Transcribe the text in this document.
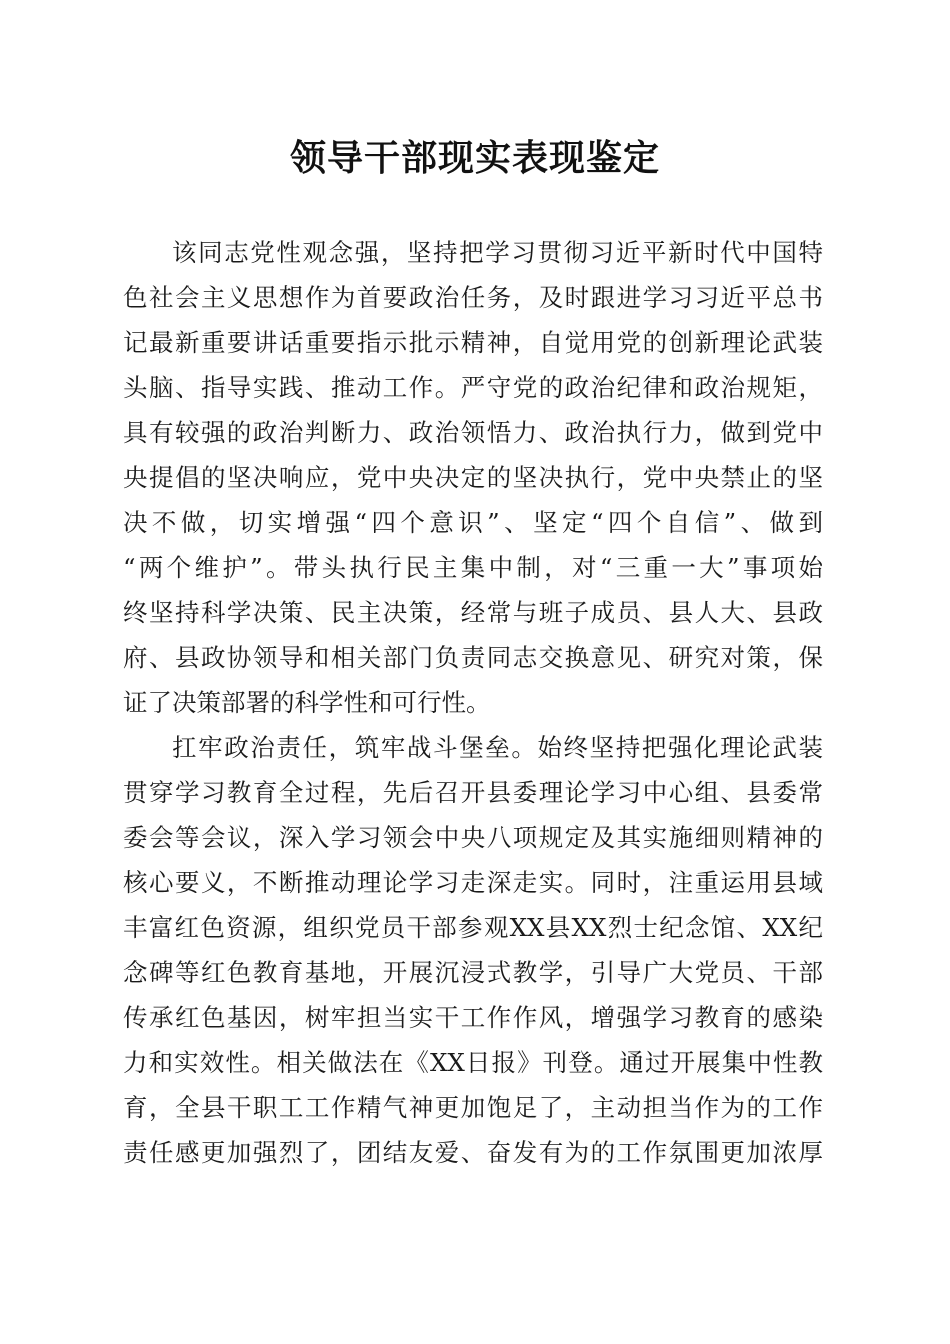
领导干部现实表现鉴定
该同志党性观念强，坚持把学习贯彻习近平新时代中国特
色社会主义思想作为首要政治任务，及时跟进学习习近平总书
记最新重要讲话重要指示批示精神，自觉用党的创新理论武装
头脑、指导实践、推动工作。严守党的政治纪律和政治规矩，
具有较强的政治判断力、政治领悟力、政治执行力，做到党中
央提倡的坚决响应，党中央决定的坚决执行，党中央禁止的坚
决不做，切实增强“四个意识”、坚定“四个自信”、做到
“两个维护”。带头执行民主集中制，对“三重一大”事项始
终坚持科学决策、民主决策，经常与班子成员、县人大、县政
府、县政协领导和相关部门负责同志交换意见、研究对策，保
证了决策部署的科学性和可行性。
扛牢政治责任，筑牢战斗堡垒。始终坚持把强化理论武装
贯穿学习教育全过程，先后召开县委理论学习中心组、县委常
委会等会议，深入学习领会中央八项规定及其实施细则精神的
核心要义，不断推动理论学习走深走实。同时，注重运用县域
丰富红色资源，组织党员干部参观XX县XX烈士纪念馆、XX纪
念碑等红色教育基地，开展沉浸式教学，引导广大党员、干部
传承红色基因，树牢担当实干工作作风，增强学习教育的感染
力和实效性。相关做法在《XX日报》刊登。通过开展集中性教
育，全县干职工工作精气神更加饱足了，主动担当作为的工作
责任感更加强烈了，团结友爱、奋发有为的工作氛围更加浓厚
